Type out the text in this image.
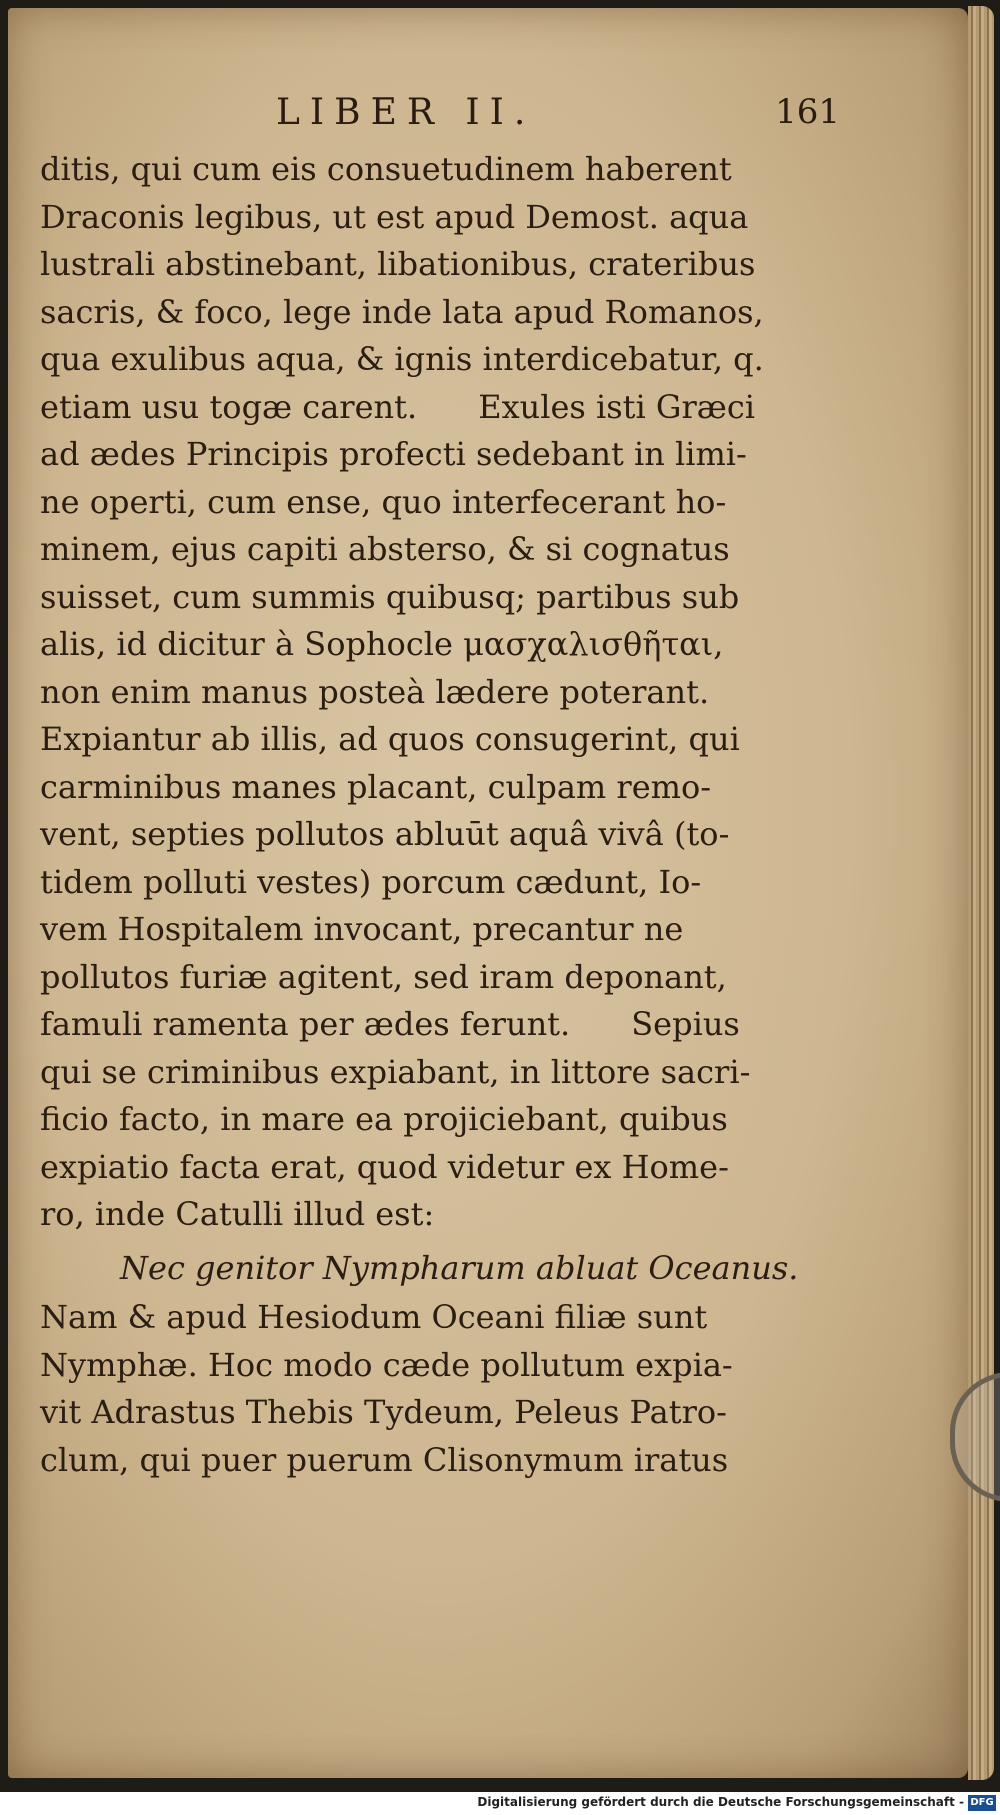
LIBER II.	161
ditis, qui cum eis consuetudinem haberent
Draconis legibus, ut est apud Demost. aqua
lustrali abstinebant, libationibus, crateribus
sacris, & foco, lege inde lata apud Romanos,
qua exulibus aqua, & ignis interdicebatur, q.
etiam usu togæ carent.      Exules isti Græci
ad ædes Principis profecti sedebant in limi-
ne operti, cum ense, quo interfecerant ho-
minem, ejus capiti absterso, & si cognatus
suisset, cum summis quibusq; partibus sub
alis, id dicitur à Sophocle μασχαλισθῆται,
non enim manus posteà lædere poterant.
Expiantur ab illis, ad quos consugerint, qui
carminibus manes placant, culpam remo-
vent, septies pollutos abluūt aquâ vivâ (to-
tidem polluti vestes) porcum cædunt, Io-
vem Hospitalem invocant, precantur ne
pollutos furiæ agitent, sed iram deponant,
famuli ramenta per ædes ferunt.      Sepius
qui se criminibus expiabant, in littore sacri-
ficio facto, in mare ea projiciebant, quibus
expiatio facta erat, quod videtur ex Home-
ro, inde Catulli illud est:
Nec genitor Nympharum abluat Oceanus.
Nam & apud Hesiodum Oceani filiæ sunt
Nymphæ. Hoc modo cæde pollutum expia-
vit Adrastus Thebis Tydeum, Peleus Patro-
clum, qui puer puerum Clisonymum iratus
Digitalisierung gefördert durch die Deutsche Forschungsgemeinschaft - DFG
